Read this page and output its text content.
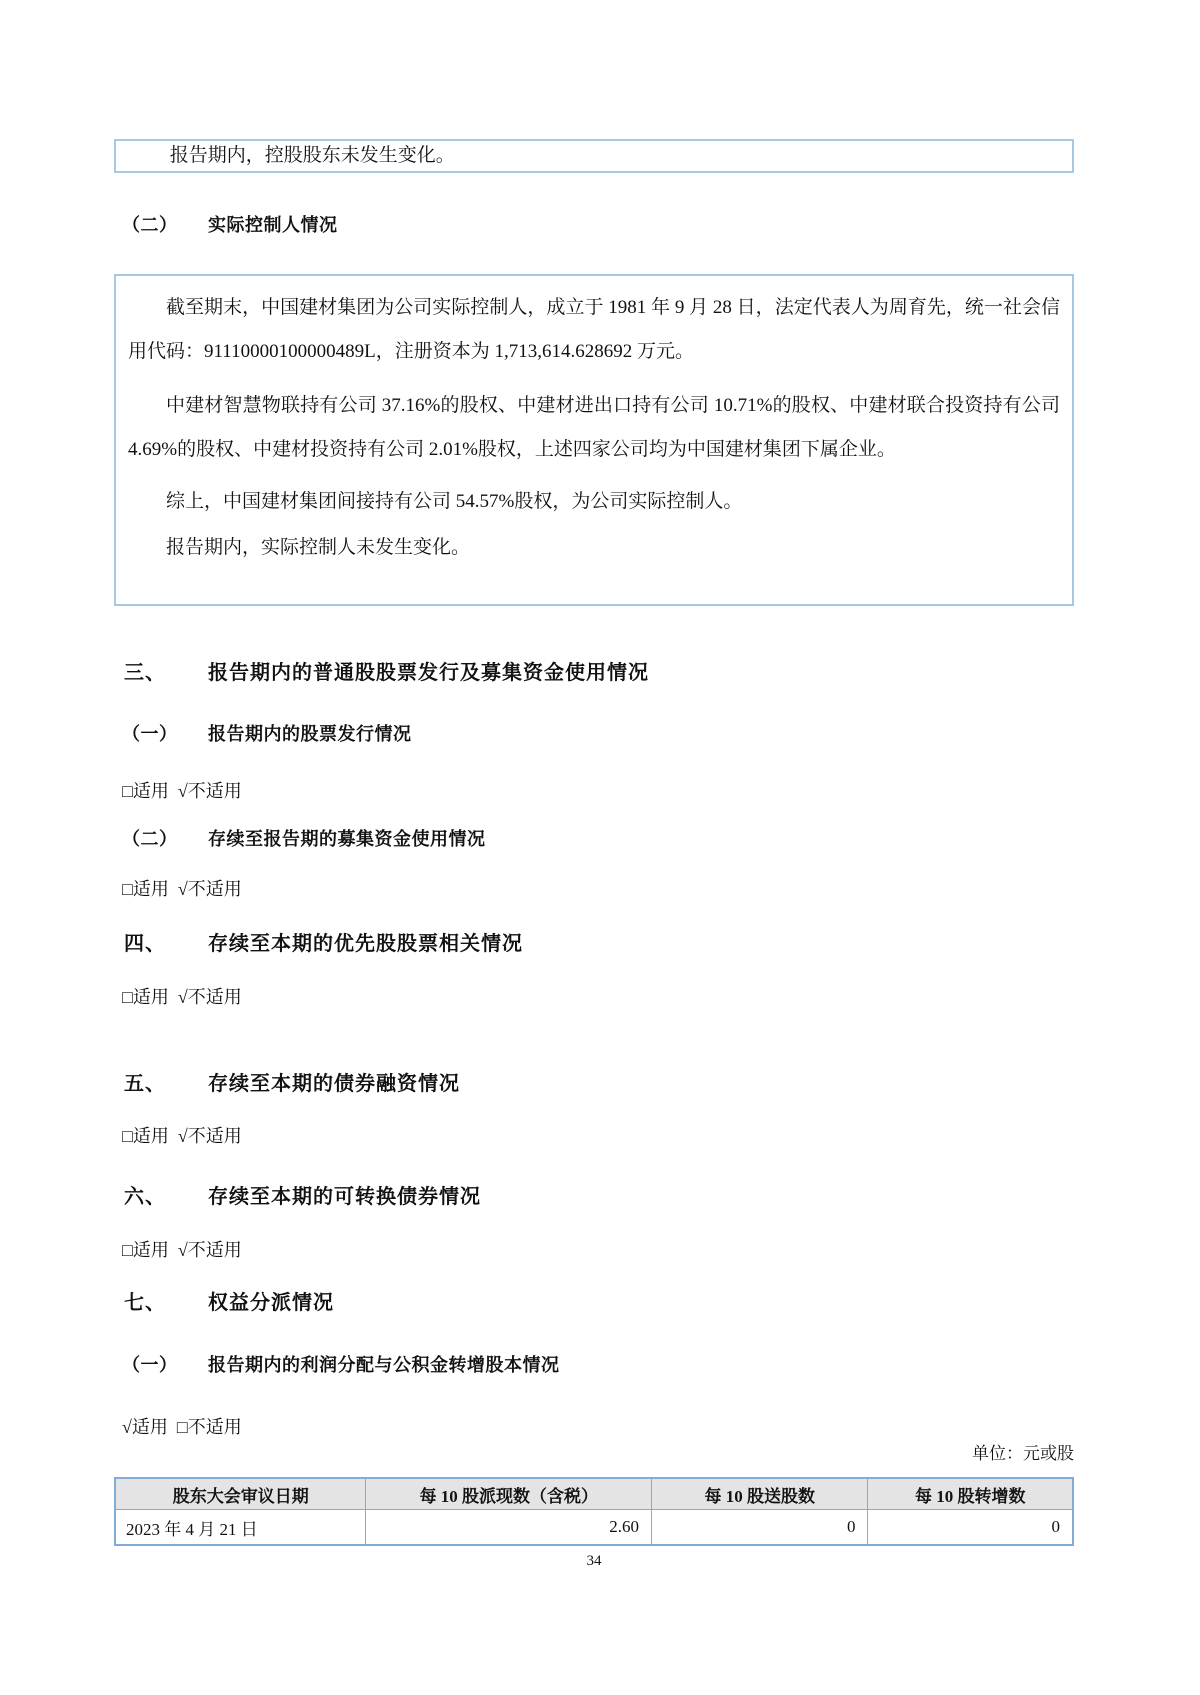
报告期内，控股股东未发生变化。

（二） 实际控制人情况

截至期末，中国建材集团为公司实际控制人，成立于 1981 年 9 月 28 日，法定代表人为周育先，统一社会信用代码：91110000100000489L，注册资本为 1,713,614.628692 万元。

中建材智慧物联持有公司 37.16%的股权、中建材进出口持有公司 10.71%的股权、中建材联合投资持有公司 4.69%的股权、中建材投资持有公司 2.01%股权，上述四家公司均为中国建材集团下属企业。

综上，中国建材集团间接持有公司 54.57%股权，为公司实际控制人。

报告期内，实际控制人未发生变化。

三、 报告期内的普通股股票发行及募集资金使用情况
（一） 报告期内的股票发行情况
□适用  √不适用
（二） 存续至报告期的募集资金使用情况
□适用  √不适用
四、 存续至本期的优先股股票相关情况
□适用  √不适用
五、 存续至本期的债券融资情况
□适用  √不适用
六、 存续至本期的可转换债券情况
□适用  √不适用
七、 权益分派情况
（一） 报告期内的利润分配与公积金转增股本情况
√适用  □不适用
单位：元或股
股东大会审议日期	每 10 股派现数（含税）	每 10 股送股数	每 10 股转增数
2023 年 4 月 21 日	2.60	0	0
34
